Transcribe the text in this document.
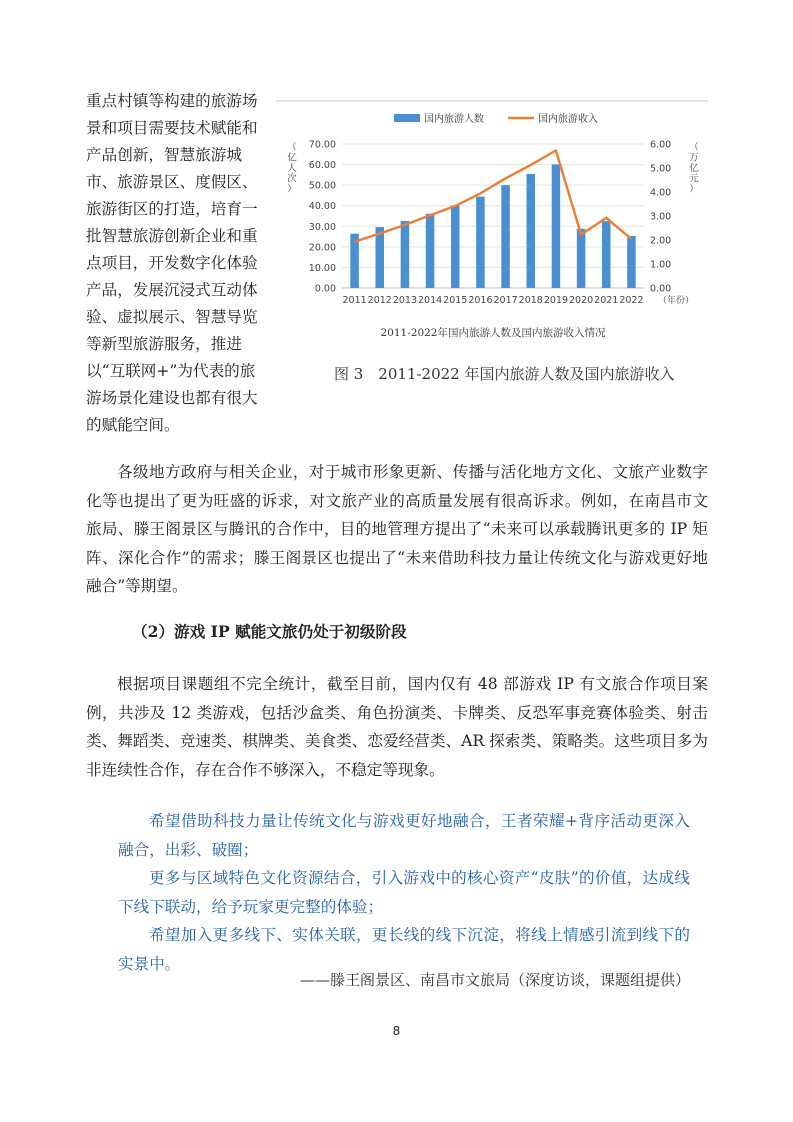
重点村镇等构建的旅游场景和项目需要技术赋能和产品创新，智慧旅游城市、旅游景区、度假区、旅游街区的打造，培育一批智慧旅游创新企业和重点项目，开发数字化体验产品，发展沉浸式互动体验、虚拟展示、智慧导览等新型旅游服务，推进以“互联网+”为代表的旅游场景化建设也都有很大的赋能空间。
0.00
10.00
20.00
30.00
40.00
50.00
60.00
70.00
0.00
1.00
2.00
3.00
4.00
5.00
6.00
2011 2012 2013 2014 2015 2016 2017 2018 2019 2020 2021 2022 （年份）
（
亿
人
次
）
（
万
亿
元
）
国内旅游人数	国内旅游收入
2011-2022年国内旅游人数及国内旅游收入情况
图 3　2011-2022 年国内旅游人数及国内旅游收入
各级地方政府与相关企业，对于城市形象更新、传播与活化地方文化、文旅产业数字化等也提出了更为旺盛的诉求，对文旅产业的高质量发展有很高诉求。例如，在南昌市文旅局、滕王阁景区与腾讯的合作中，目的地管理方提出了“未来可以承载腾讯更多的 IP 矩阵、深化合作”的需求；滕王阁景区也提出了“未来借助科技力量让传统文化与游戏更好地融合”等期望。
（2）游戏 IP 赋能文旅仍处于初级阶段
根据项目课题组不完全统计，截至目前，国内仅有 48 部游戏 IP 有文旅合作项目案例，共涉及 12 类游戏，包括沙盒类、角色扮演类、卡牌类、反恐军事竞赛体验类、射击类、舞蹈类、竞速类、棋牌类、美食类、恋爱经营类、AR 探索类、策略类。这些项目多为非连续性合作，存在合作不够深入，不稳定等现象。
希望借助科技力量让传统文化与游戏更好地融合，王者荣耀+背序活动更深入融合，出彩、破圈；
更多与区域特色文化资源结合，引入游戏中的核心资产“皮肤”的价值，达成线下线下联动，给予玩家更完整的体验；
希望加入更多线下、实体关联，更长线的线下沉淀，将线上情感引流到线下的实景中。
——滕王阁景区、南昌市文旅局（深度访谈，课题组提供）
8
